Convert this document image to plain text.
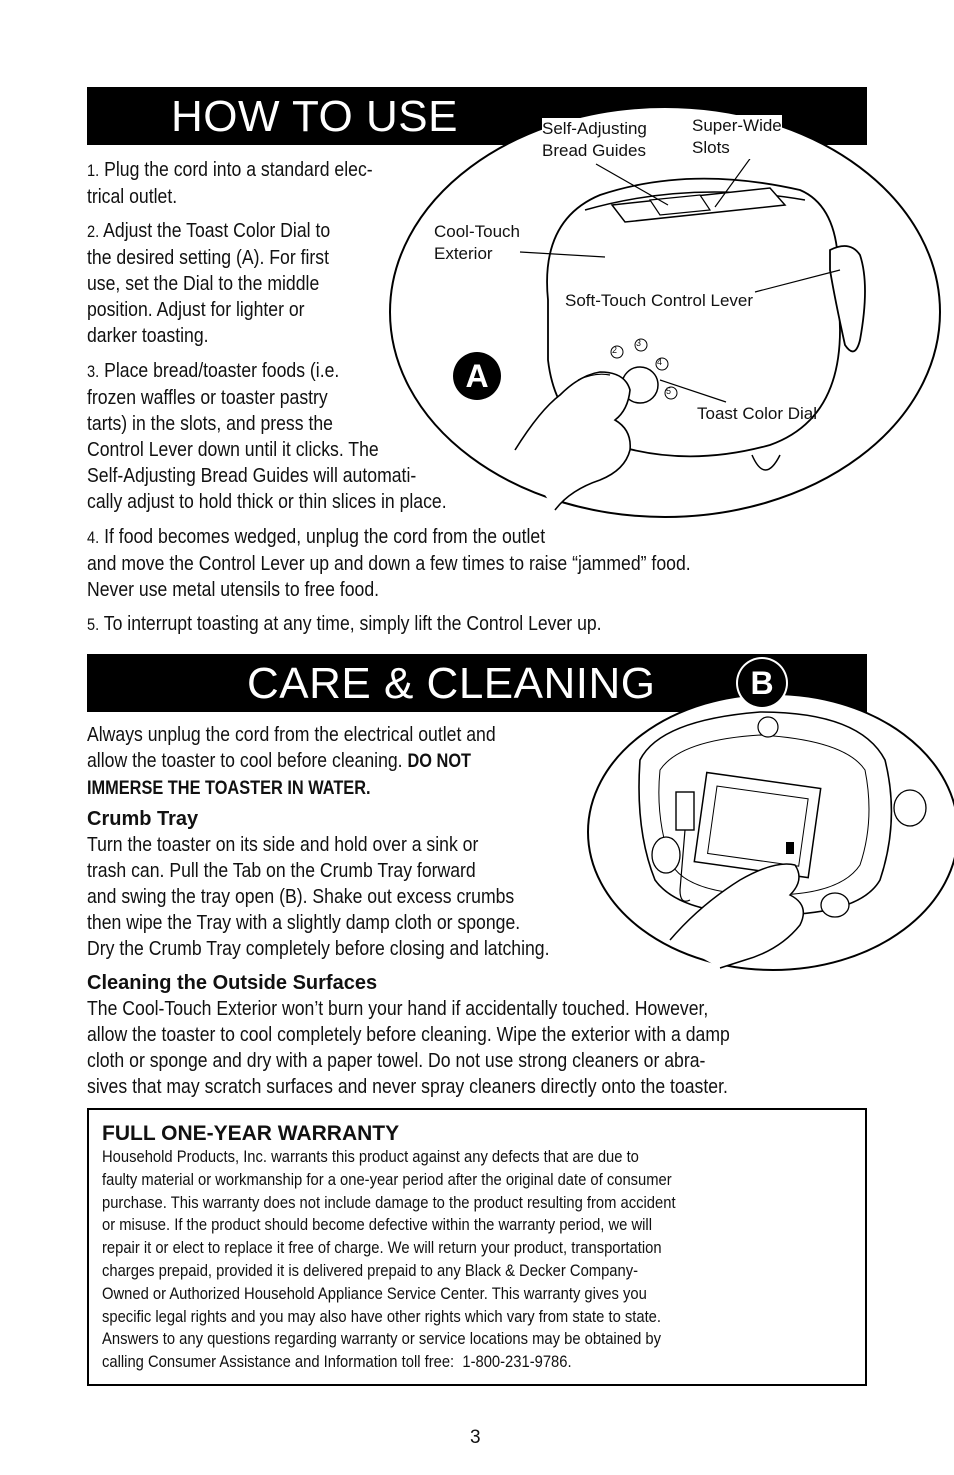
HOW TO USE
A
2
3
4
5
Self-Adjusting
Bread Guides
Super-Wide
Slots
Cool-Touch
Exterior
Soft-Touch Control Lever
Toast Color Dial
1. Plug the cord into a standard elec-
trical outlet.
2. Adjust the Toast Color Dial to
the desired setting (A). For first
use, set the Dial to the middle
position. Adjust for lighter or
darker toasting.
3. Place bread/toaster foods (i.e.
frozen waffles or toaster pastry
tarts) in the slots, and press the
Control Lever down until it clicks. The
Self-Adjusting Bread Guides will automati-
cally adjust to hold thick or thin slices in place.
4. If food becomes wedged, unplug the cord from the outlet
and move the Control Lever up and down a few times to raise “jammed” food.
Never use metal utensils to free food.
5. To interrupt toasting at any time, simply lift the Control Lever up.
CARE & CLEANING	B
Always unplug the cord from the electrical outlet and
allow the toaster to cool before cleaning. DO NOT
IMMERSE THE TOASTER IN WATER.
Crumb Tray
Turn the toaster on its side and hold over a sink or
trash can. Pull the Tab on the Crumb Tray forward
and swing the tray open (B). Shake out excess crumbs
then wipe the Tray with a slightly damp cloth or sponge.
Dry the Crumb Tray completely before closing and latching.
Cleaning the Outside Surfaces
The Cool-Touch Exterior won’t burn your hand if accidentally touched. However,
allow the toaster to cool completely before cleaning. Wipe the exterior with a damp
cloth or sponge and dry with a paper towel. Do not use strong cleaners or abra-
sives that may scratch surfaces and never spray cleaners directly onto the toaster.

FULL ONE-YEAR WARRANTY

Household Products, Inc. warrants this product against any defects that are due to
faulty material or workmanship for a one-year period after the original date of consumer
purchase. This warranty does not include damage to the product resulting from accident
or misuse. If the product should become defective within the warranty period, we will
repair it or elect to replace it free of charge. We will return your product, transportation
charges prepaid, provided it is delivered prepaid to any Black & Decker Company-
Owned or Authorized Household Appliance Service Center. This warranty gives you
specific legal rights and you may also have other rights which vary from state to state.
Answers to any questions regarding warranty or service locations may be obtained by
calling Consumer Assistance and Information toll free:  1-800-231-9786.

3
